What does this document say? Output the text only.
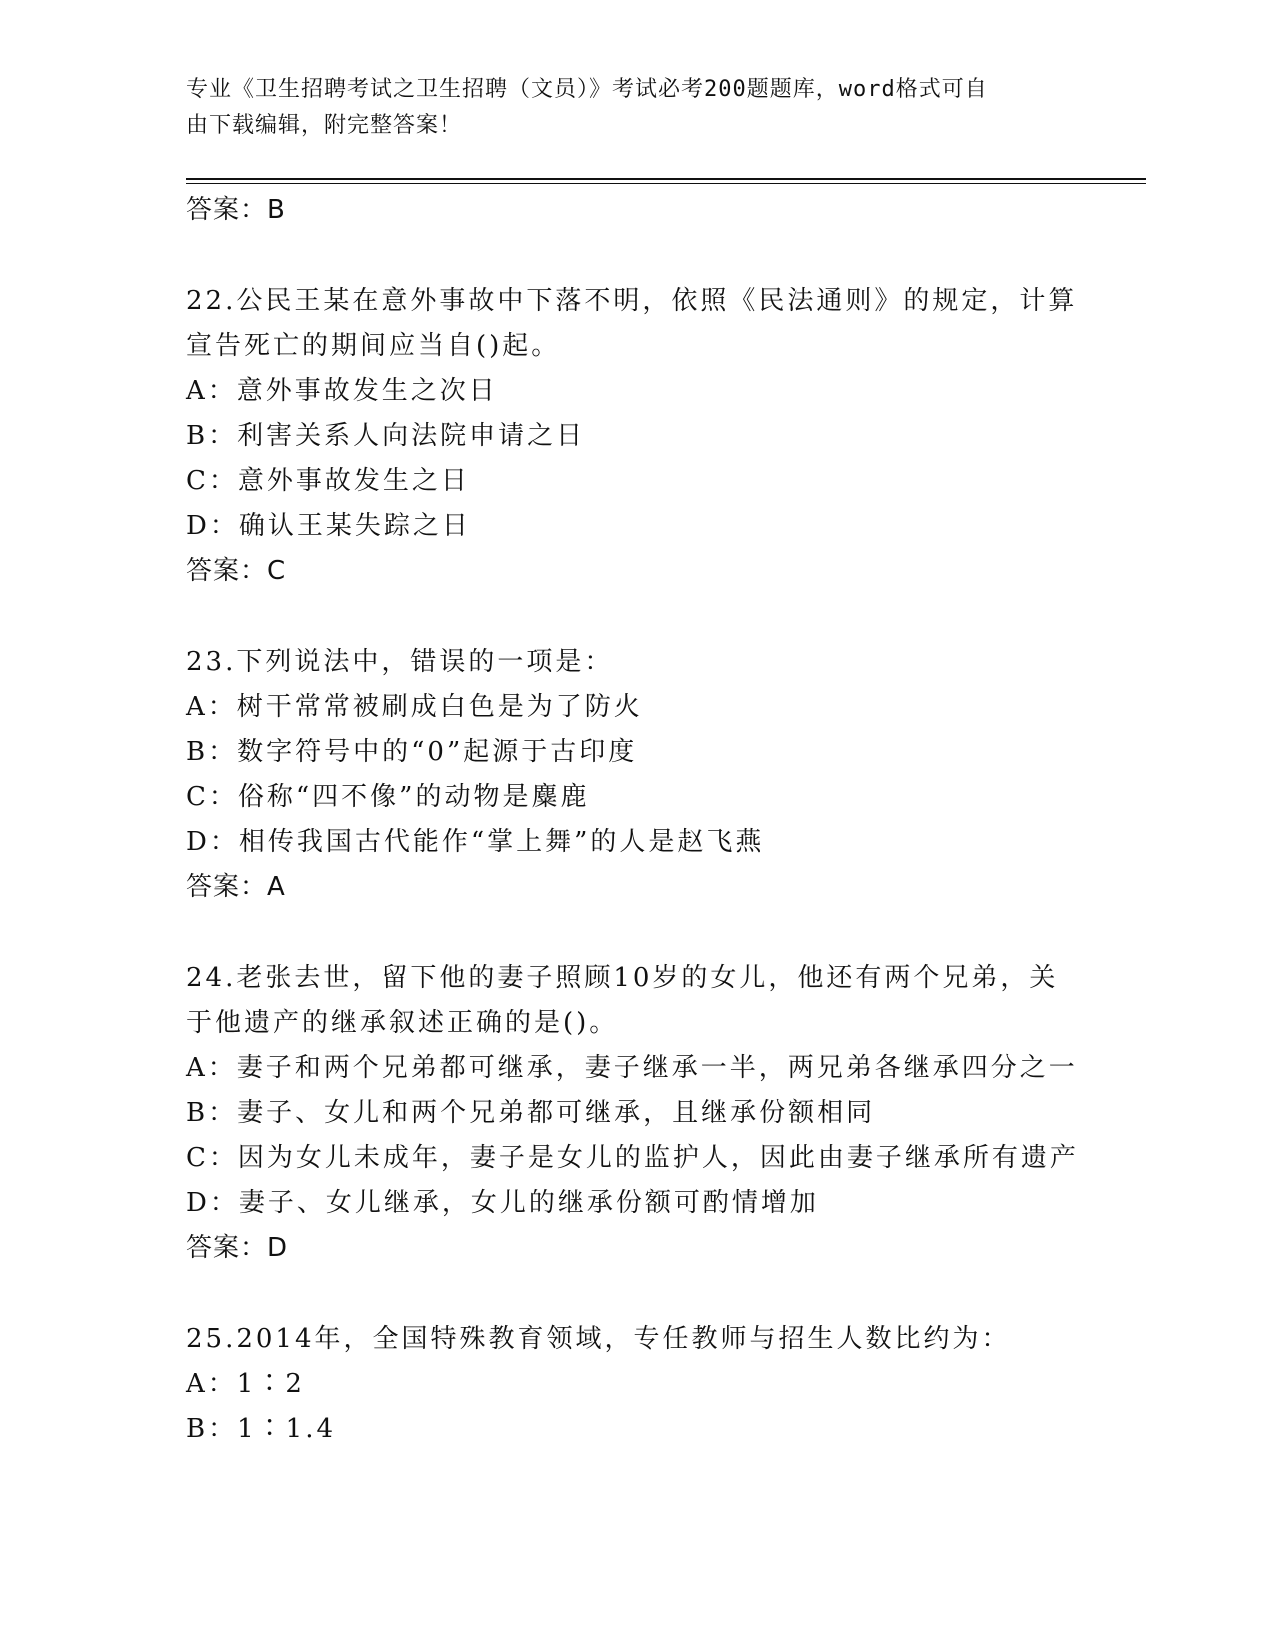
专业《卫生招聘考试之卫生招聘（文员）》考试必考200题题库，word格式可自
由下载编辑，附完整答案！
答案：B
22.公民王某在意外事故中下落不明，依照《民法通则》的规定，计算
宣告死亡的期间应当自()起。
A：意外事故发生之次日
B：利害关系人向法院申请之日
C：意外事故发生之日
D：确认王某失踪之日
答案：C
23.下列说法中，错误的一项是：
A：树干常常被刷成白色是为了防火
B：数字符号中的“0”起源于古印度
C：俗称“四不像”的动物是麋鹿
D：相传我国古代能作“掌上舞”的人是赵飞燕
答案：A
24.老张去世，留下他的妻子照顾10岁的女儿，他还有两个兄弟，关
于他遗产的继承叙述正确的是()。
A：妻子和两个兄弟都可继承，妻子继承一半，两兄弟各继承四分之一
B：妻子、女儿和两个兄弟都可继承，且继承份额相同
C：因为女儿未成年，妻子是女儿的监护人，因此由妻子继承所有遗产
D：妻子、女儿继承，女儿的继承份额可酌情增加
答案：D
25.2014年，全国特殊教育领域，专任教师与招生人数比约为：
A：1∶2
B：1∶1.4
